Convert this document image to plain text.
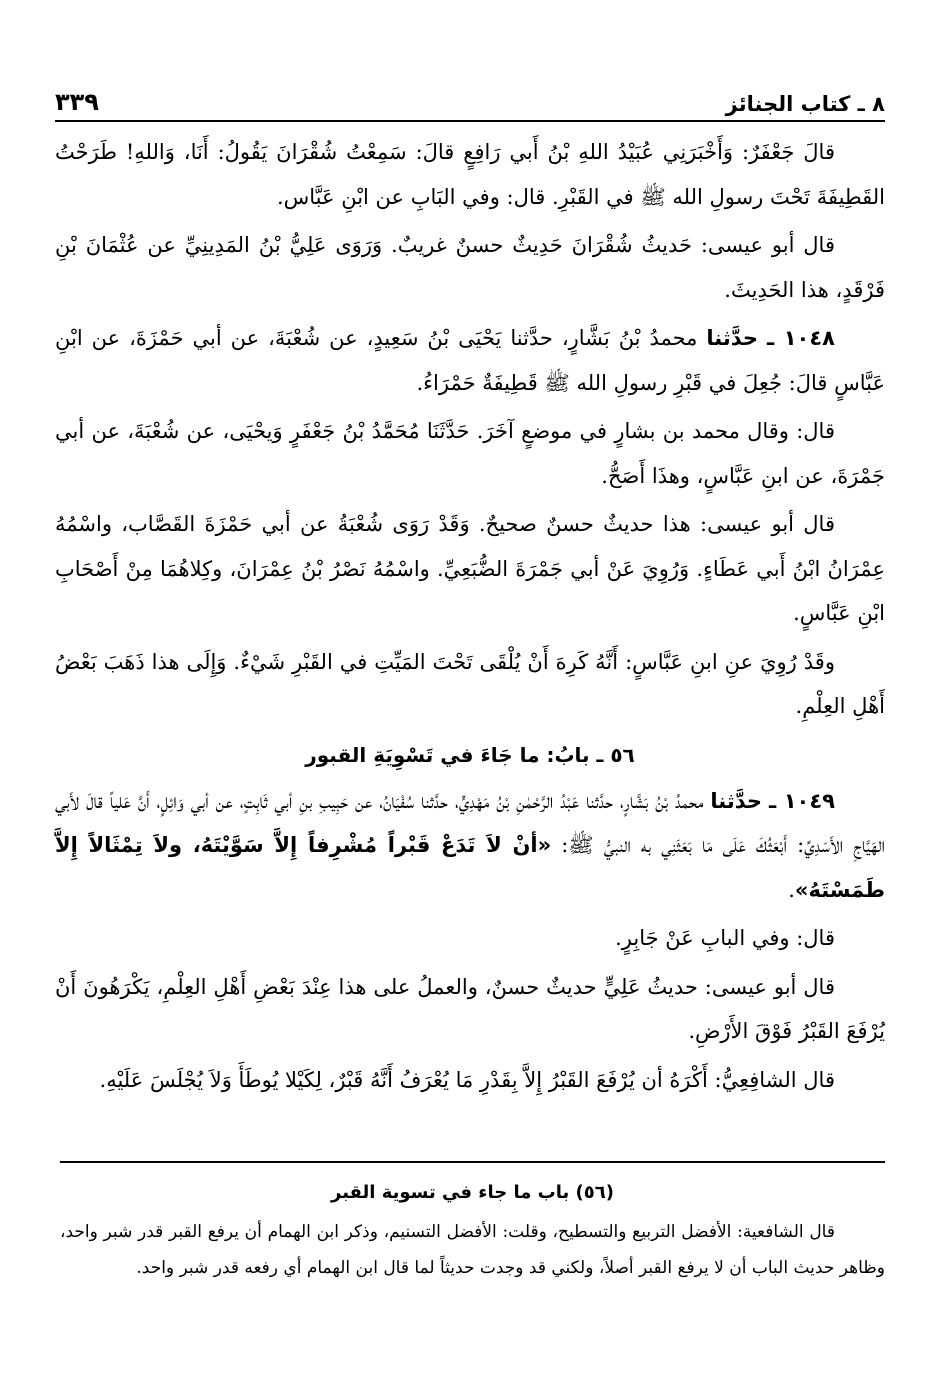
٨ ـ كتاب الجنائز
٣٣٩

قالَ جَعْفَرٌ: وَأَخْبَرَنِي عُبَيْدُ اللهِ بْنُ أَبي رَافِعٍ قالَ: سَمِعْتُ شُقْرَانَ يَقُولُ: أَنَا، وَاللهِ! طَرَحْتُ القَطِيفَةَ تَحْتَ رسولِ الله ﷺ في القَبْرِ. قال: وفي البَابِ عن ابْنِ عَبَّاس.

قال أبو عيسى: حَديثُ شُقْرَانَ حَدِيثٌ حسنٌ غريبٌ. وَرَوَى عَلِيُّ بْنُ المَدِينِيِّ عن عُثْمَانَ بْنِ فَرْقَدٍ، هذا الحَدِيثَ.

١٠٤٨ ـ حدَّثنا محمدُ بْنُ بَشَّارٍ، حدَّثنا يَحْيَى بْنُ سَعِيدٍ، عن شُعْبَةَ، عن أبي حَمْزَةَ، عن ابْنِ عَبَّاسٍ قالَ: جُعِلَ في قَبْرِ رسولِ الله ﷺ قَطِيفَةٌ حَمْرَاءُ.

قال: وقال محمد بن بشارٍ في موضعٍ آخَرَ. حَدَّثَنَا مُحَمَّدُ بْنُ جَعْفَرٍ وَيحْيَى، عن شُعْبَةَ، عن أبي جَمْرَةَ، عن ابنِ عَبَّاسٍ، وهذَا أَصَحُّ.

قال أبو عيسى: هذا حديثٌ حسنٌ صحيحٌ. وَقَدْ رَوَى شُعْبَةُ عن أبي حَمْزَةَ القَصَّاب، واسْمُهُ عِمْرَانُ ابْنُ أَبي عَطَاءٍ. وَرُوِيَ عَنْ أبي جَمْرَةَ الضُّبَعِيِّ. واسْمُهُ نَصْرُ بْنُ عِمْرَانَ، وكِلاهُمَا مِنْ أَصْحَابِ ابْنِ عَبَّاسٍ.

وقَدْ رُوِيَ عنِ ابنِ عَبَّاسٍ: أَنَّهُ كَرِهَ أَنْ يُلْقَى تَحْتَ المَيِّتِ في القَبْرِ شَيْءٌ. وَإِلَى هذا ذَهَبَ بَعْضُ أَهْلِ العِلْمِ.

٥٦ ـ بابُ: ما جَاءَ في تَسْوِيَةِ القبور

١٠٤٩ ـ حدَّثنا محمدُ بْنُ بَشَّارٍ، حدَّثنا عَبْدُ الرَّحْمٰنِ بْنُ مَهْدِيٍّ، حدَّثنا سُفْيَانُ، عن حَبِيبِ بنِ أبي ثَابِتٍ، عن أبي وَائِلٍ، أَنَّ عَلياً قالَ لأَبي الهَيَّاجِ الأَسَدِيِّ: أَبْعَثُكَ عَلَى مَا بَعَثَنِي به النبيُّ ﷺ: «أنْ لاَ تَدَعْ قَبْراً مُشْرِفاً إِلاَّ سَوَّيْتَهُ، ولاَ تِمْثَالاً إِلاَّ طَمَسْتَهُ».

قال: وفي البابِ عَنْ جَابِرٍ.

قال أبو عيسى: حديثُ عَلِيٍّ حديثٌ حسنٌ، والعملُ على هذا عِنْدَ بَعْضِ أَهْلِ العِلْمِ، يَكْرَهُونَ أَنْ يُرْفَعَ القَبْرُ فَوْقَ الأَرْضِ.

قال الشافِعِيُّ: أَكْرَهُ أن يُرْفَعَ القَبْرُ إِلاَّ بِقَدْرِ مَا يُعْرَفُ أَنَّهُ قَبْرٌ، لِكَيْلا يُوطَأَ وَلاَ يُجْلَسَ عَلَيْهِ.

(٥٦) باب ما جاء في تسوية القبر

قال الشافعية: الأفضل التربيع والتسطيح، وقلت: الأفضل التسنيم، وذكر ابن الهمام أن يرفع القبر قدر شبر واحد، وظاهر حديث الباب أن لا يرفع القبر أصلاً، ولكني قد وجدت حديثاً لما قال ابن الهمام أي رفعه قدر شبر واحد.
